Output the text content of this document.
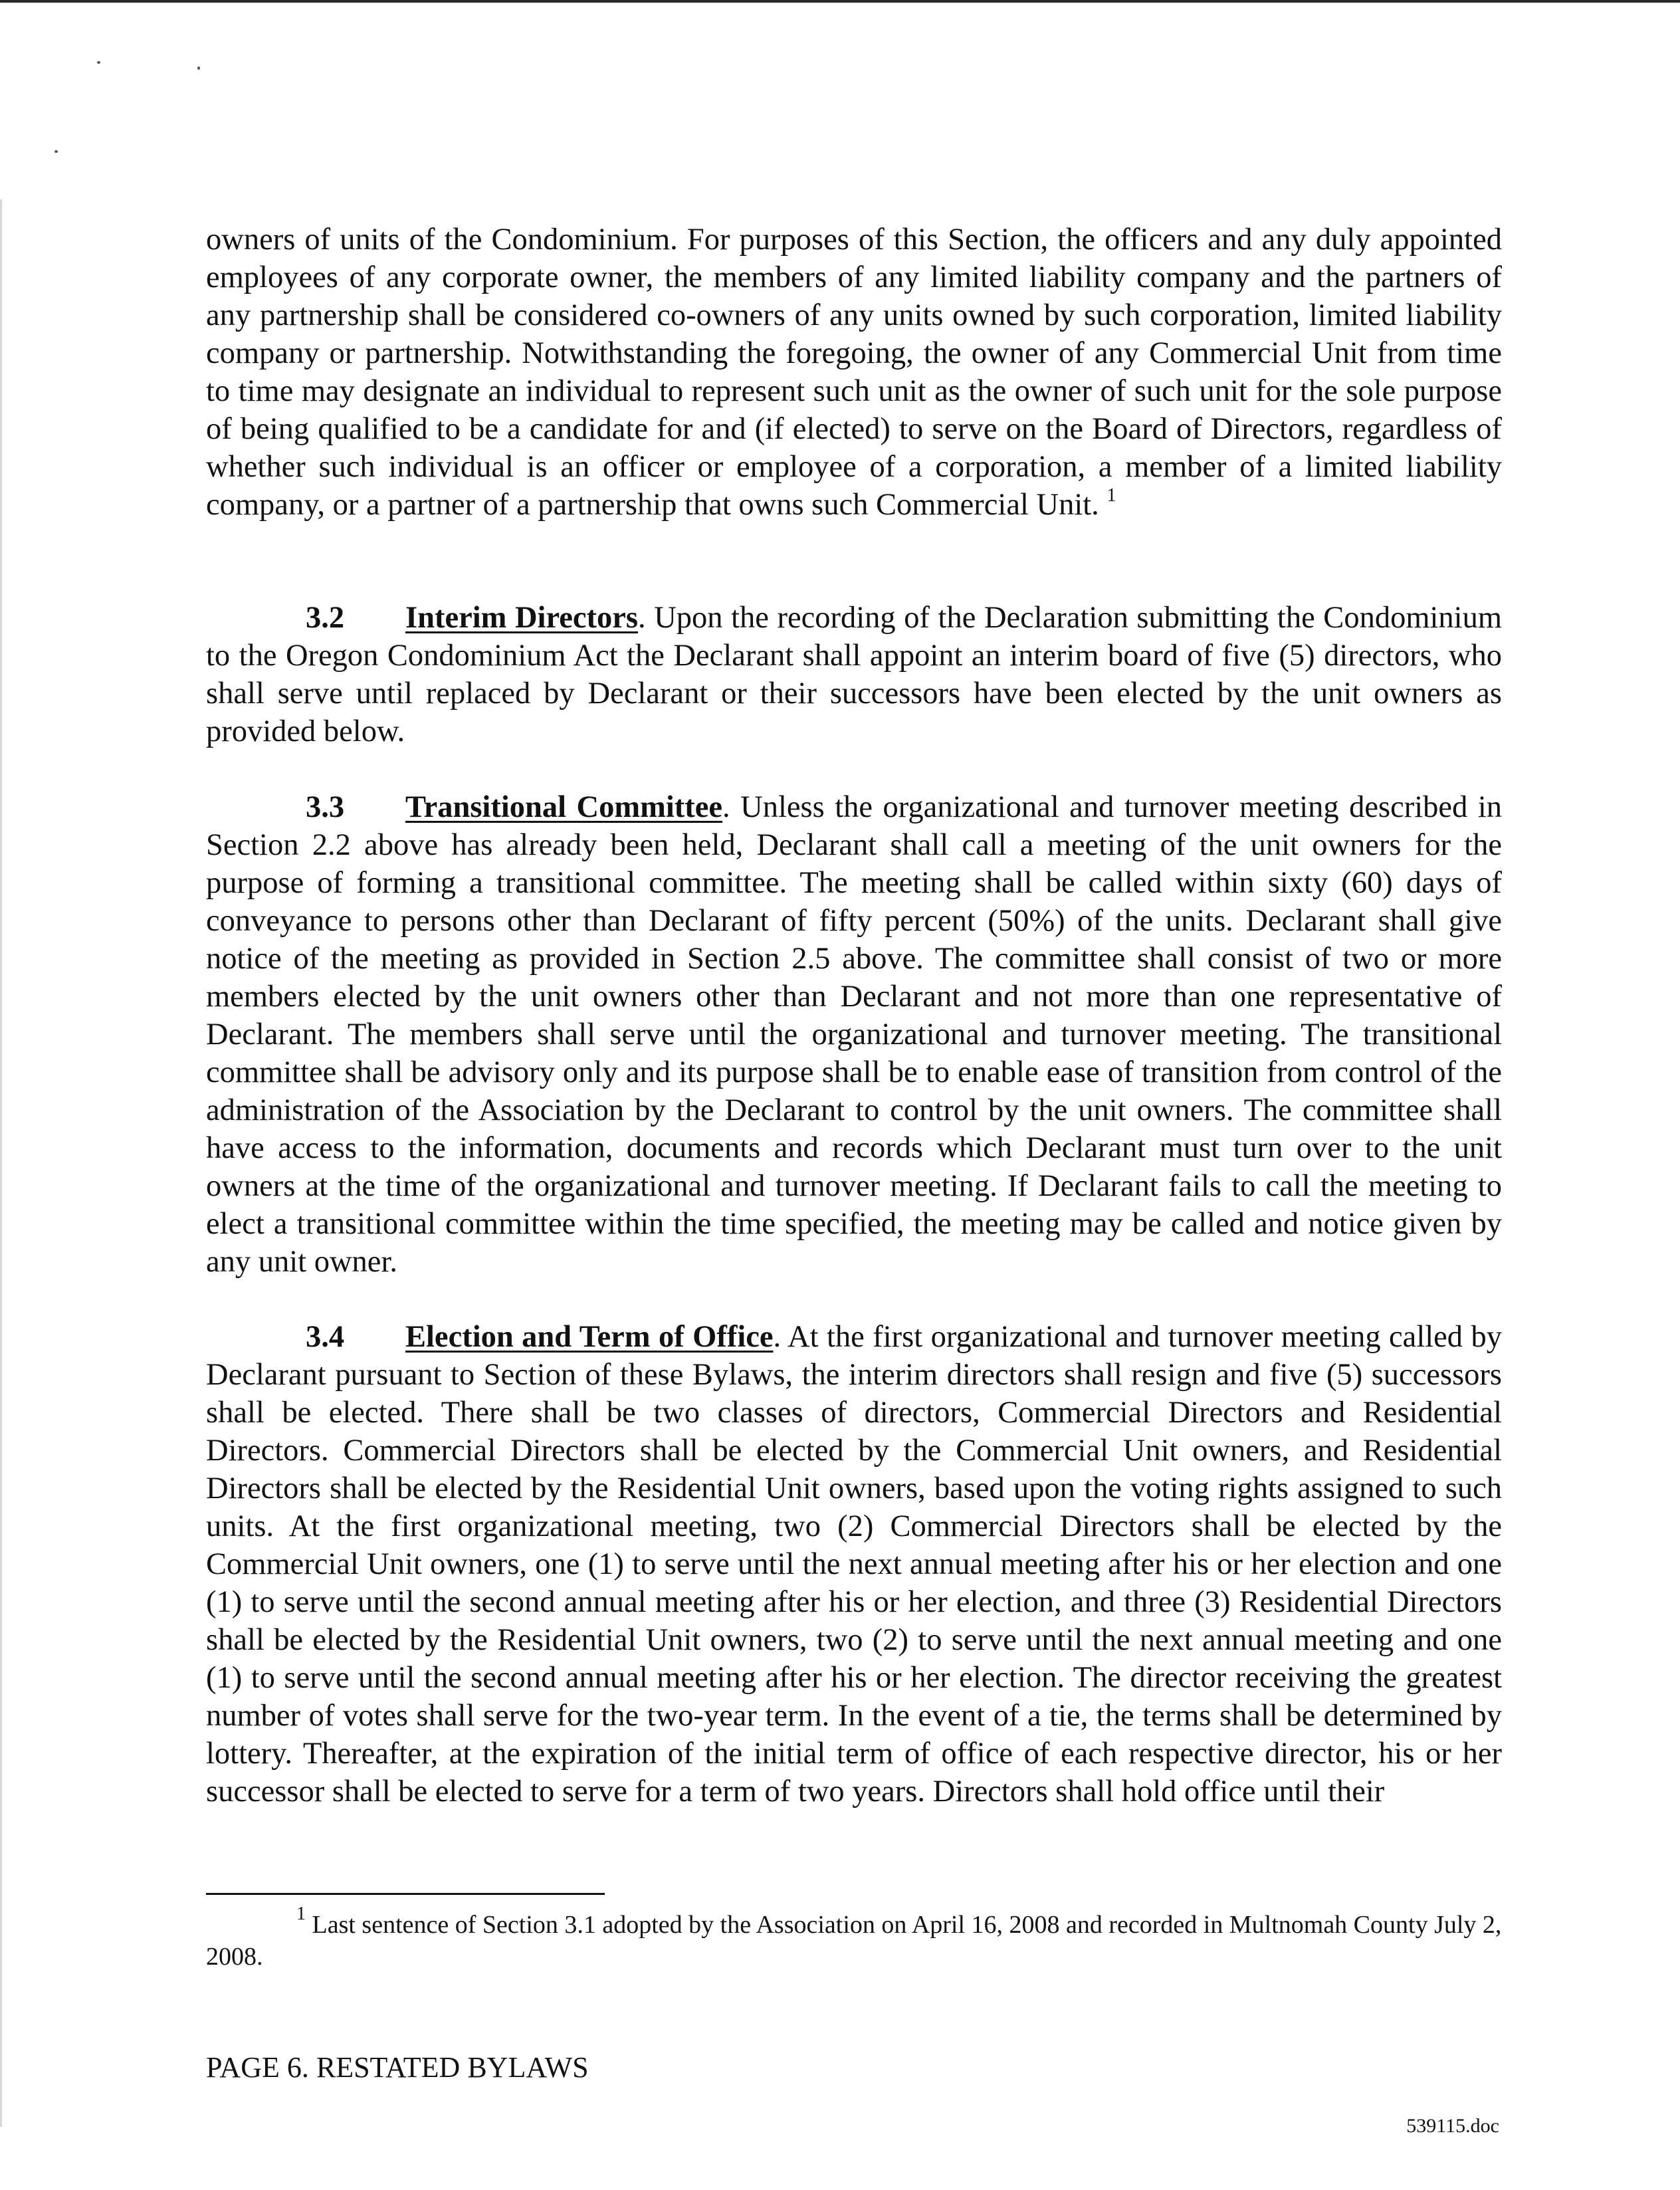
owners of units of the Condominium. For purposes of this Section, the officers and any duly appointed employees of any corporate owner, the members of any limited liability company and the partners of any partnership shall be considered co-owners of any units owned by such corporation, limited liability company or partnership. Notwithstanding the foregoing, the owner of any Commercial Unit from time to time may designate an individual to represent such unit as the owner of such unit for the sole purpose of being qualified to be a candidate for and (if elected) to serve on the Board of Directors, regardless of whether such individual is an officer or employee of a corporation, a member of a limited liability company, or a partner of a partnership that owns such Commercial Unit. $^1$

3.2 Interim Directors. Upon the recording of the Declaration submitting the Condominium to the Oregon Condominium Act the Declarant shall appoint an interim board of five (5) directors, who shall serve until replaced by Declarant or their successors have been elected by the unit owners as provided below.

3.3 Transitional Committee. Unless the organizational and turnover meeting described in Section 2.2 above has already been held, Declarant shall call a meeting of the unit owners for the purpose of forming a transitional committee. The meeting shall be called within sixty (60) days of conveyance to persons other than Declarant of fifty percent (50%) of the units. Declarant shall give notice of the meeting as provided in Section 2.5 above. The committee shall consist of two or more members elected by the unit owners other than Declarant and not more than one representative of Declarant. The members shall serve until the organizational and turnover meeting. The transitional committee shall be advisory only and its purpose shall be to enable ease of transition from control of the administration of the Association by the Declarant to control by the unit owners. The committee shall have access to the information, documents and records which Declarant must turn over to the unit owners at the time of the organizational and turnover meeting. If Declarant fails to call the meeting to elect a transitional committee within the time specified, the meeting may be called and notice given by any unit owner.

3.4 Election and Term of Office. At the first organizational and turnover meeting called by Declarant pursuant to Section of these Bylaws, the interim directors shall resign and five (5) successors shall be elected. There shall be two classes of directors, Commercial Directors and Residential Directors. Commercial Directors shall be elected by the Commercial Unit owners, and Residential Directors shall be elected by the Residential Unit owners, based upon the voting rights assigned to such units. At the first organizational meeting, two (2) Commercial Directors shall be elected by the Commercial Unit owners, one (1) to serve until the next annual meeting after his or her election and one (1) to serve until the second annual meeting after his or her election, and three (3) Residential Directors shall be elected by the Residential Unit owners, two (2) to serve until the next annual meeting and one (1) to serve until the second annual meeting after his or her election. The director receiving the greatest number of votes shall serve for the two-year term. In the event of a tie, the terms shall be determined by lottery. Thereafter, at the expiration of the initial term of office of each respective director, his or her successor shall be elected to serve for a term of two years. Directors shall hold office until their

$^1$ Last sentence of Section 3.1 adopted by the Association on April 16, 2008 and recorded in Multnomah County July 2, 2008.

PAGE 6. RESTATED BYLAWS

539115.doc
